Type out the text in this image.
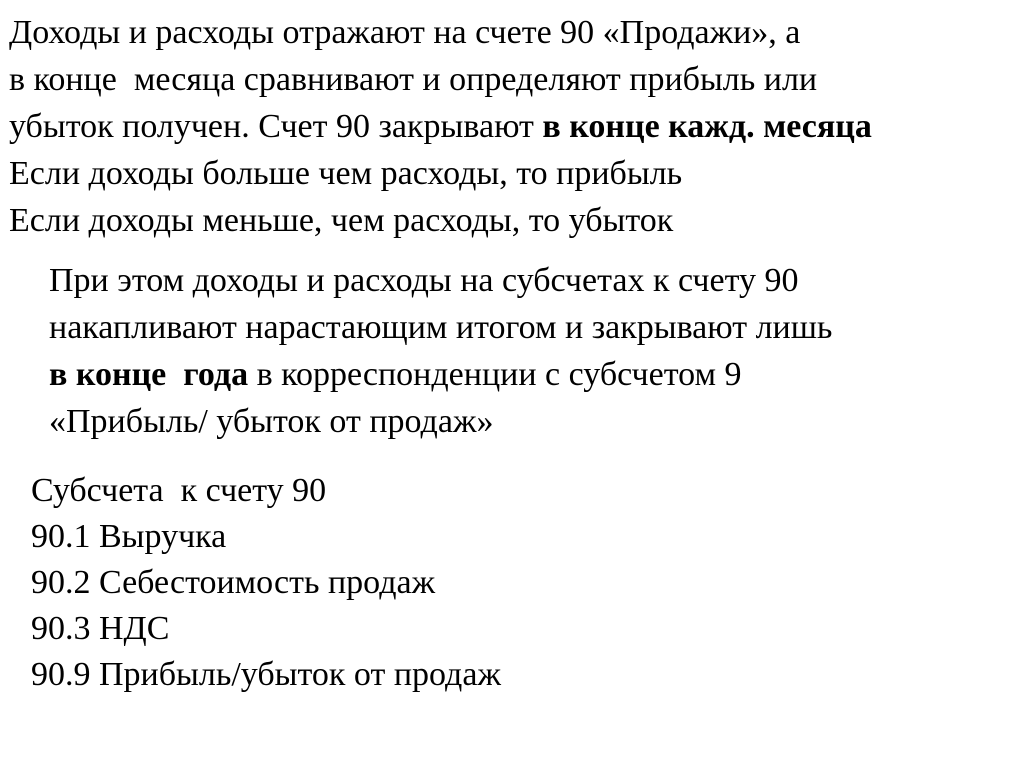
Доходы и расходы отражают на счете 90 «Продажи», а
в конце  месяца сравнивают и определяют прибыль или
убыток получен. Счет 90 закрывают в конце кажд. месяца
Если доходы больше чем расходы, то прибыль
Если доходы меньше, чем расходы, то убыток
При этом доходы и расходы на субсчетах к счету 90
накапливают нарастающим итогом и закрывают лишь
в конце  года в корреспонденции с субсчетом 9
«Прибыль/ убыток от продаж»
Субсчета  к счету 90
90.1 Выручка
90.2 Себестоимость продаж
90.3 НДС
90.9 Прибыль/убыток от продаж
